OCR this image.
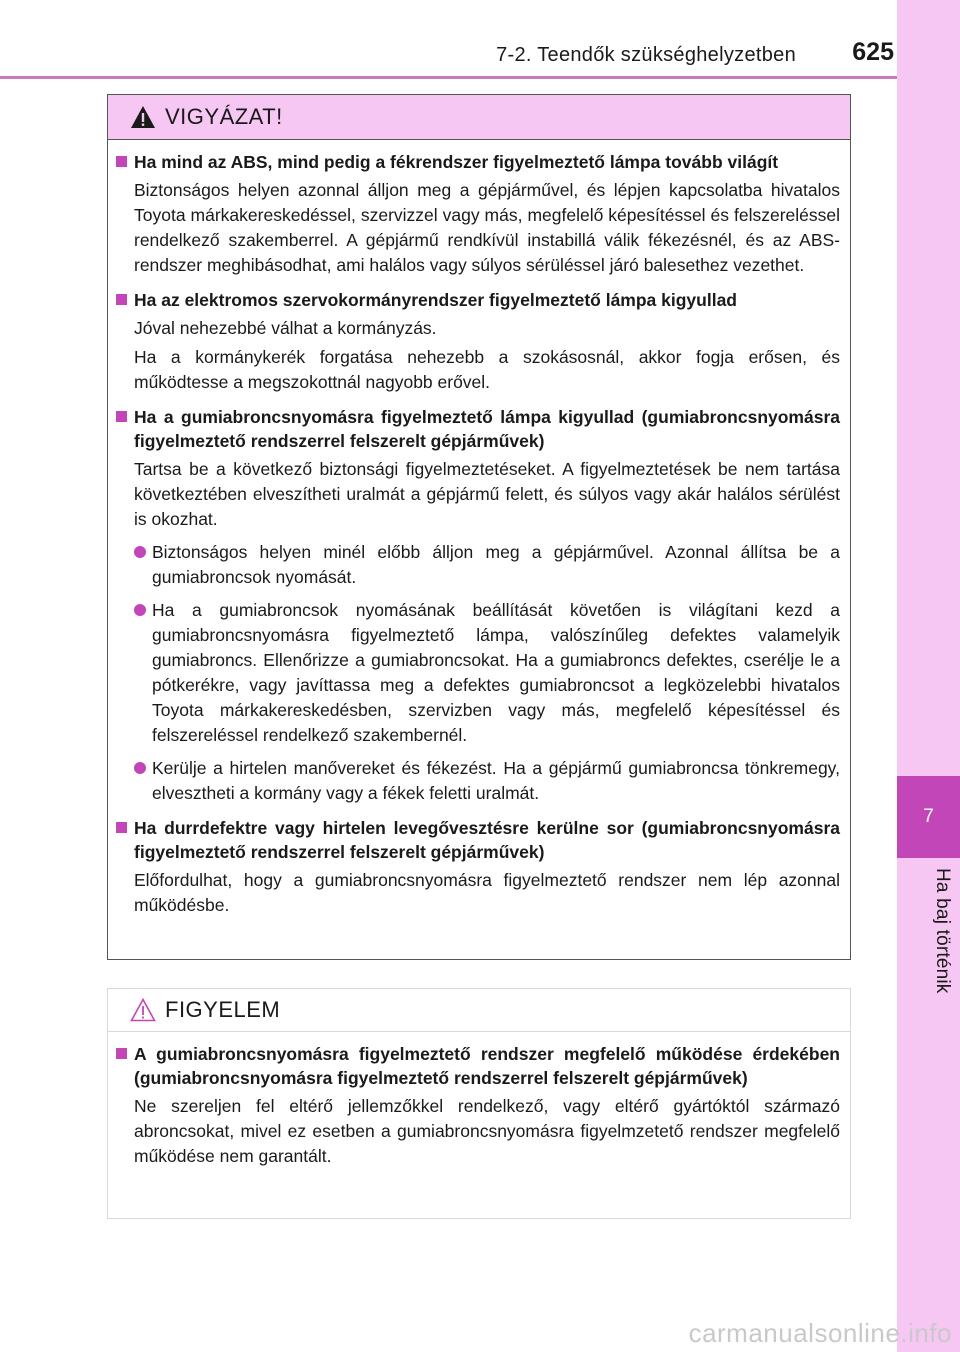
7-2. Teendők szükséghelyzetben	625
7
Ha baj történik
VIGYÁZAT!
Ha mind az ABS, mind pedig a fékrendszer figyelmeztető lámpa tovább világít
Biztonságos helyen azonnal álljon meg a gépjárművel, és lépjen kapcsolatba hivatalos Toyota márkakereskedéssel, szervizzel vagy más, megfelelő képesítéssel és felszereléssel rendelkező szakemberrel. A gépjármű rendkívül instabillá válik fékezésnél, és az ABS-rendszer meghibásodhat, ami halálos vagy súlyos sérüléssel járó balesethez vezethet.
Ha az elektromos szervokormányrendszer figyelmeztető lámpa kigyullad
Jóval nehezebbé válhat a kormányzás.
Ha a kormánykerék forgatása nehezebb a szokásosnál, akkor fogja erősen, és működtesse a megszokottnál nagyobb erővel.
Ha a gumiabroncsnyomásra figyelmeztető lámpa kigyullad (gumiabroncsnyomásra figyelmeztető rendszerrel felszerelt gépjárművek)
Tartsa be a következő biztonsági figyelmeztetéseket. A figyelmeztetések be nem tartása következtében elveszítheti uralmát a gépjármű felett, és súlyos vagy akár halálos sérülést is okozhat.
Biztonságos helyen minél előbb álljon meg a gépjárművel. Azonnal állítsa be a gumiabroncsok nyomását.
Ha a gumiabroncsok nyomásának beállítását követően is világítani kezd a gumiabroncsnyomásra figyelmeztető lámpa, valószínűleg defektes valamelyik gumiabroncs. Ellenőrizze a gumiabroncsokat. Ha a gumiabroncs defektes, cserélje le a pótkerékre, vagy javíttassa meg a defektes gumiabroncsot a legközelebbi hivatalos Toyota márkakereskedésben, szervizben vagy más, megfelelő képesítéssel és felszereléssel rendelkező szakembernél.
Kerülje a hirtelen manővereket és fékezést. Ha a gépjármű gumiabroncsa tönkremegy, elvesztheti a kormány vagy a fékek feletti uralmát.
Ha durrdefektre vagy hirtelen levegővesztésre kerülne sor (gumiabroncsnyomásra figyelmeztető rendszerrel felszerelt gépjárművek)
Előfordulhat, hogy a gumiabroncsnyomásra figyelmeztető rendszer nem lép azonnal működésbe.
FIGYELEM
A gumiabroncsnyomásra figyelmeztető rendszer megfelelő működése érdekében (gumiabroncsnyomásra figyelmeztető rendszerrel felszerelt gépjárművek)
Ne szereljen fel eltérő jellemzőkkel rendelkező, vagy eltérő gyártóktól származó abroncsokat, mivel ez esetben a gumiabroncsnyomásra figyelmzetető rendszer megfelelő működése nem garantált.
carmanualsonline.info
